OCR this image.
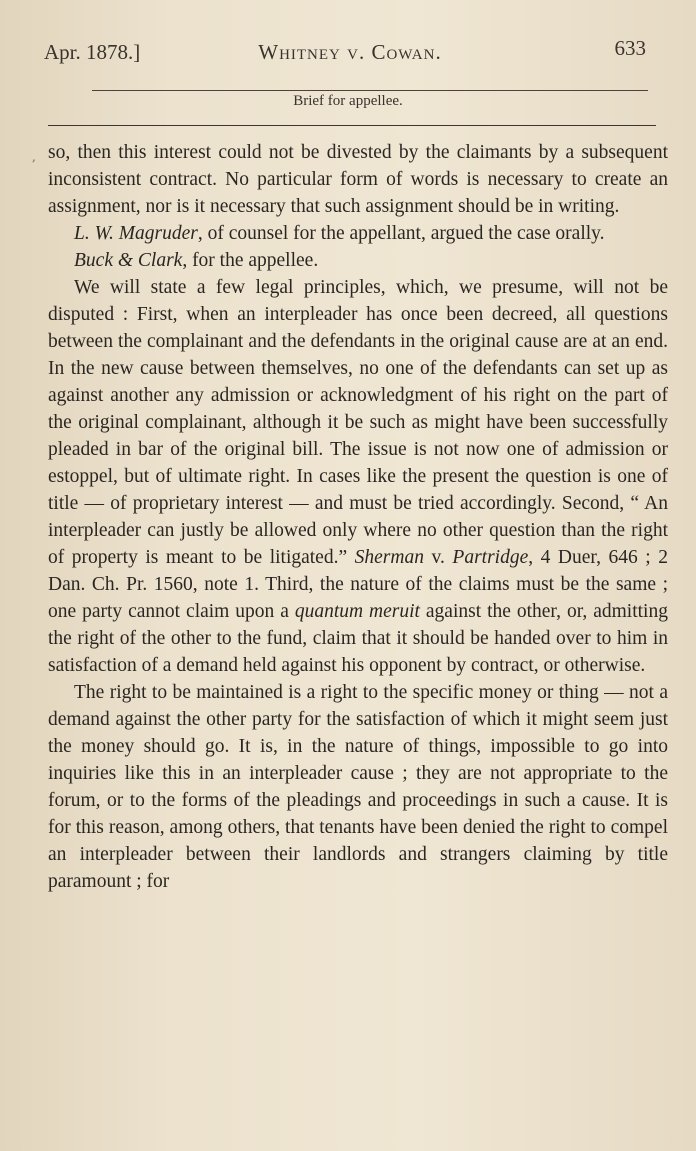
Apr. 1878.]	Whitney v. Cowan.	633
Brief for appellee.
, so, then this interest could not be divested by the claimants by a subsequent inconsistent contract. No particular form of words is necessary to create an assignment, nor is it necessary that such assignment should be in writing.

L. W. Magruder, of counsel for the appellant, argued the case orally.

Buck & Clark, for the appellee.

We will state a few legal principles, which, we presume, will not be disputed : First, when an interpleader has once been decreed, all questions between the complainant and the defendants in the original cause are at an end. In the new cause between themselves, no one of the defendants can set up as against another any admission or acknowledgment of his right on the part of the original complainant, although it be such as might have been successfully pleaded in bar of the original bill. The issue is not now one of admission or estoppel, but of ultimate right. In cases like the present the question is one of title — of proprietary interest — and must be tried accordingly. Second, “ An interpleader can justly be allowed only where no other question than the right of property is meant to be litigated.” Sherman v. Partridge, 4 Duer, 646 ; 2 Dan. Ch. Pr. 1560, note 1. Third, the nature of the claims must be the same ; one party cannot claim upon a quantum meruit against the other, or, admitting the right of the other to the fund, claim that it should be handed over to him in satisfaction of a demand held against his opponent by contract, or otherwise.

The right to be maintained is a right to the specific money or thing — not a demand against the other party for the satisfaction of which it might seem just the money should go. It is, in the nature of things, impossible to go into inquiries like this in an interpleader cause ; they are not appropriate to the forum, or to the forms of the pleadings and proceedings in such a cause. It is for this reason, among others, that tenants have been denied the right to compel an interpleader between their landlords and strangers claiming by title paramount ; for
